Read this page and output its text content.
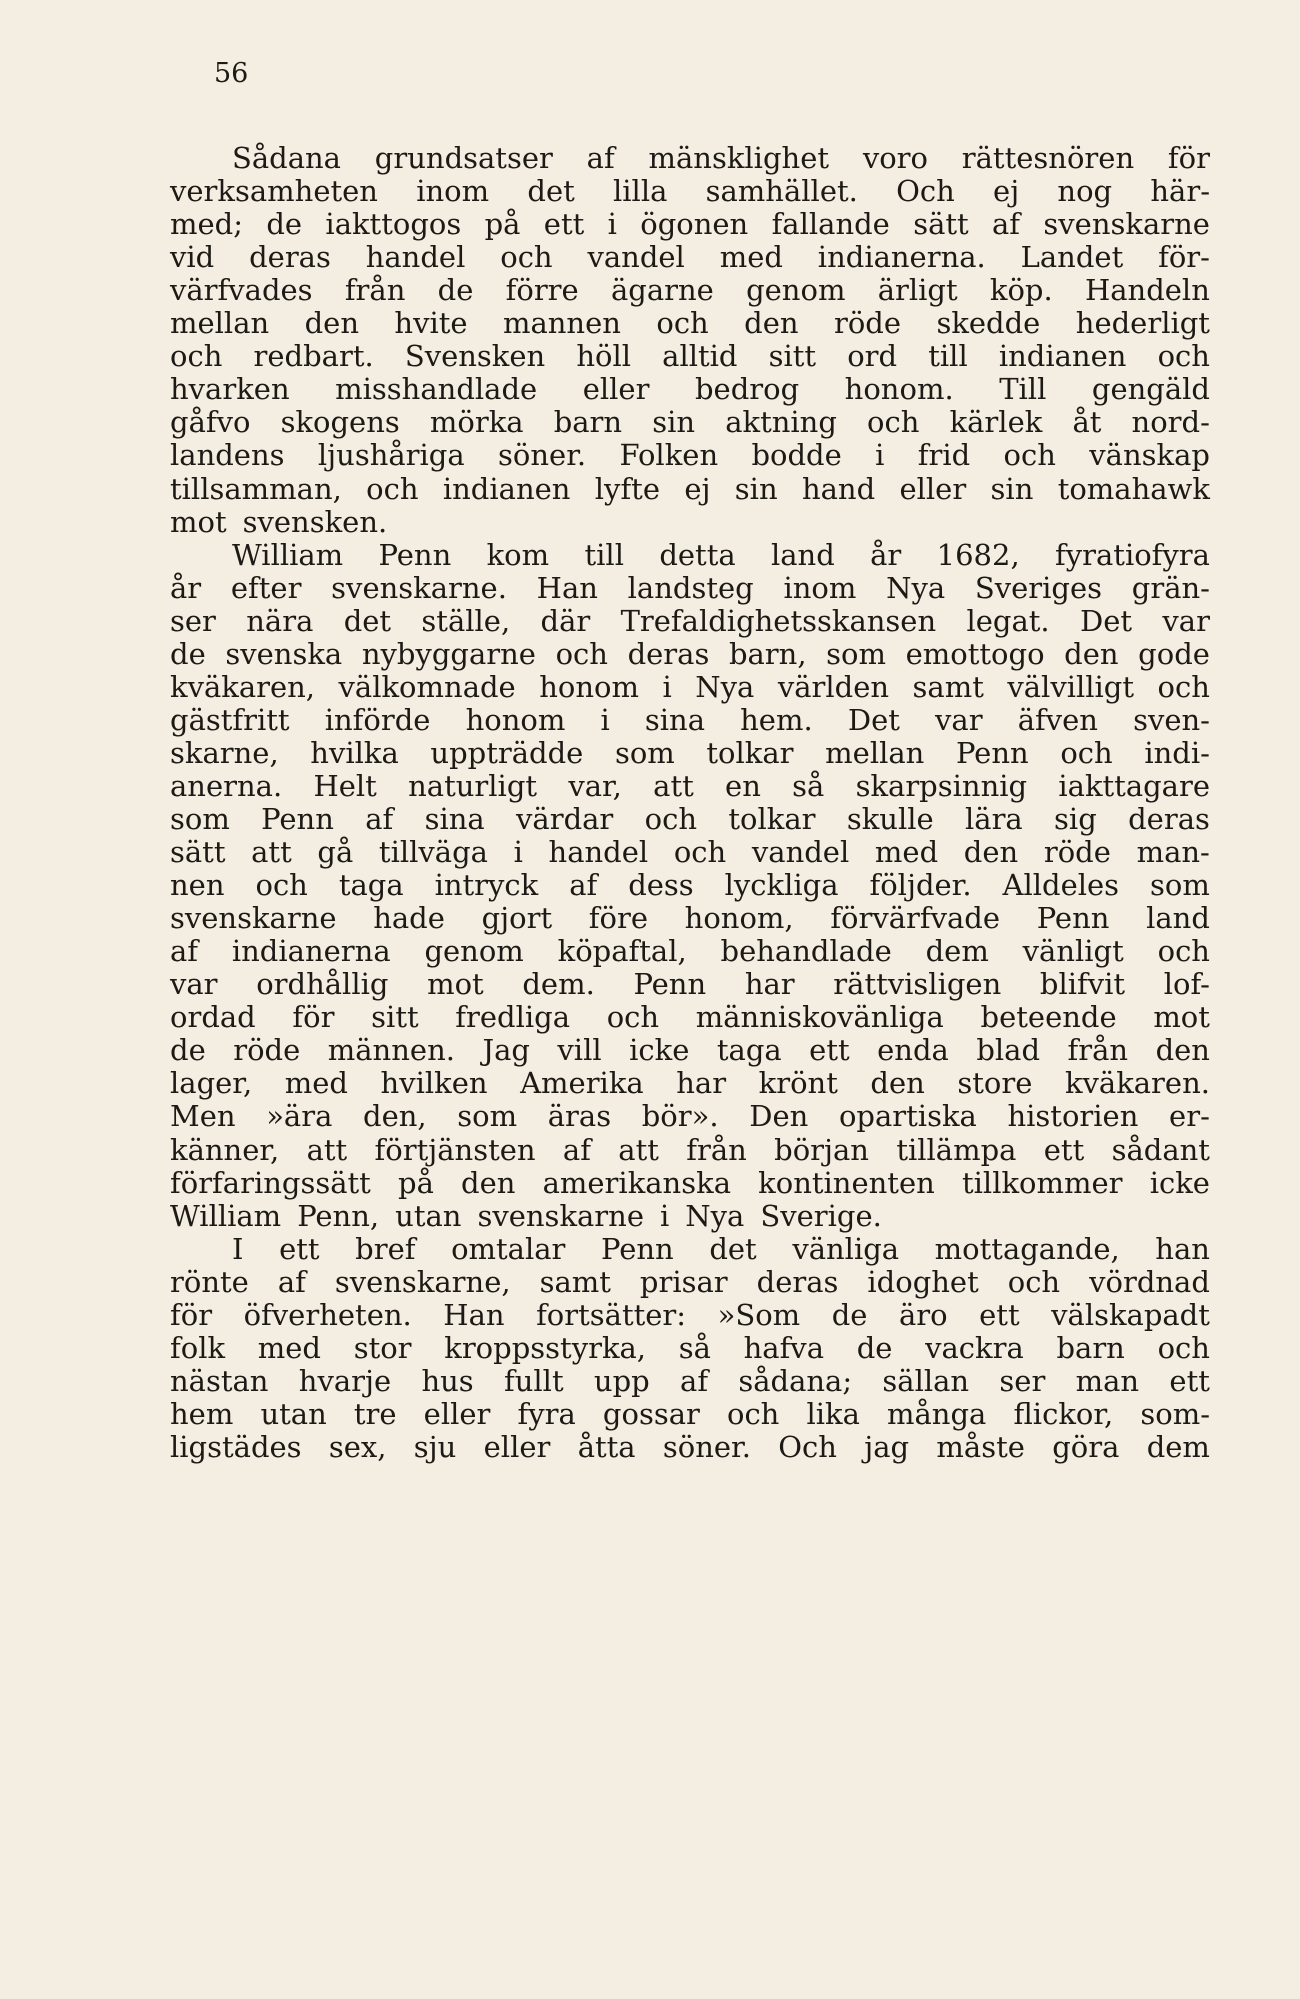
56
Sådana grundsatser af mänsklighet voro rättesnören för
verksamheten inom det lilla samhället. Och ej nog här-
med; de iakttogos på ett i ögonen fallande sätt af svenskarne
vid deras handel och vandel med indianerna. Landet för-
värfvades från de förre ägarne genom ärligt köp. Handeln
mellan den hvite mannen och den röde skedde hederligt
och redbart. Svensken höll alltid sitt ord till indianen och
hvarken misshandlade eller bedrog honom. Till gengäld
gåfvo skogens mörka barn sin aktning och kärlek åt nord-
landens ljushåriga söner. Folken bodde i frid och vänskap
tillsamman, och indianen lyfte ej sin hand eller sin tomahawk
mot svensken.
William Penn kom till detta land år 1682, fyratiofyra
år efter svenskarne. Han landsteg inom Nya Sveriges grän-
ser nära det ställe, där Trefaldighetsskansen legat. Det var
de svenska nybyggarne och deras barn, som emottogo den gode
kväkaren, välkomnade honom i Nya världen samt välvilligt och
gästfritt införde honom i sina hem. Det var äfven sven-
skarne, hvilka uppträdde som tolkar mellan Penn och indi-
anerna. Helt naturligt var, att en så skarpsinnig iakttagare
som Penn af sina värdar och tolkar skulle lära sig deras
sätt att gå tillväga i handel och vandel med den röde man-
nen och taga intryck af dess lyckliga följder. Alldeles som
svenskarne hade gjort före honom, förvärfvade Penn land
af indianerna genom köpaftal, behandlade dem vänligt och
var ordhållig mot dem. Penn har rättvisligen blifvit lof-
ordad för sitt fredliga och människovänliga beteende mot
de röde männen. Jag vill icke taga ett enda blad från den
lager, med hvilken Amerika har krönt den store kväkaren.
Men »ära den, som äras bör». Den opartiska historien er-
känner, att förtjänsten af att från början tillämpa ett sådant
förfaringssätt på den amerikanska kontinenten tillkommer icke
William Penn, utan svenskarne i Nya Sverige.
I ett bref omtalar Penn det vänliga mottagande, han
rönte af svenskarne, samt prisar deras idoghet och vördnad
för öfverheten. Han fortsätter: »Som de äro ett välskapadt
folk med stor kroppsstyrka, så hafva de vackra barn och
nästan hvarje hus fullt upp af sådana; sällan ser man ett
hem utan tre eller fyra gossar och lika många flickor, som-
ligstädes sex, sju eller åtta söner. Och jag måste göra dem
